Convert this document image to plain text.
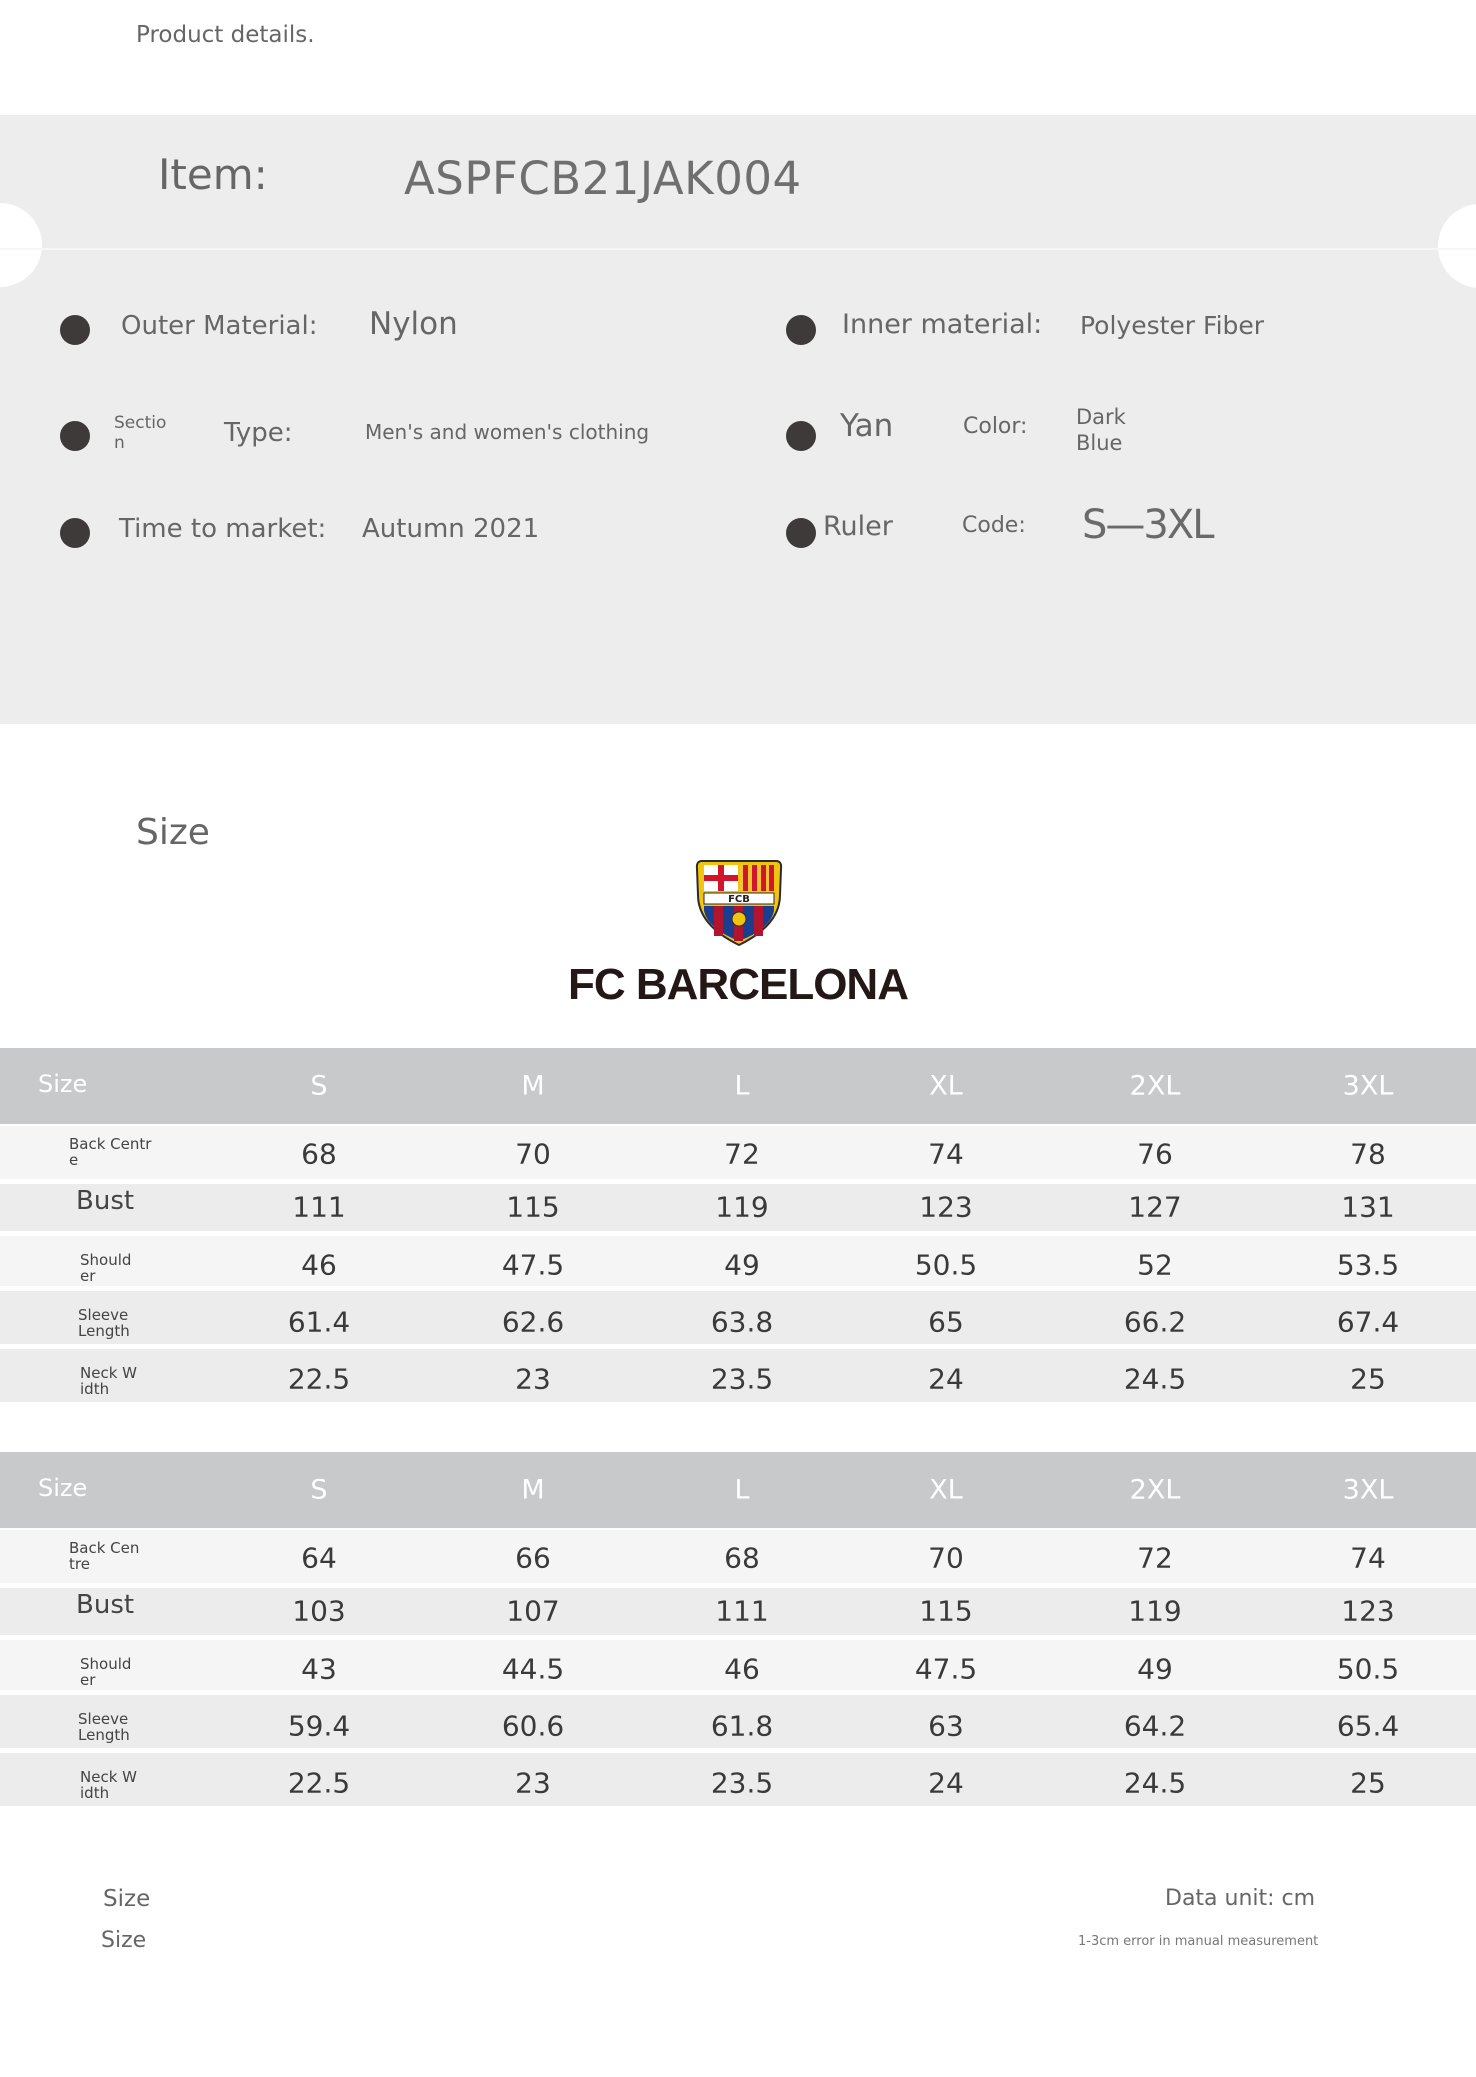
Product details.
Item:	ASPFCB21JAK004
Outer Material: Nylon	Inner material: Polyester Fiber
Sectio
n	Type:	Men's and women's clothing	Yan	Color: Dark
Blue
Time to market: Autumn 2021	Ruler	Code: S—3XL
Size
FCB
FC BARCELONA
Size	S	M	L	XL	2XL	3XL
Back Centr
e	68	70	72	74	76	78
Bust	111	115	119	123	127	131
Should
er	46	47.5	49	50.5	52	53.5
Sleeve
Length	61.4	62.6	63.8	65	66.2	67.4
Neck W
idth	22.5	23	23.5	24	24.5	25
Size	S	M	L	XL	2XL	3XL
Back Cen
tre	64	66	68	70	72	74
Bust	103	107	111	115	119	123
Should
er	43	44.5	46	47.5	49	50.5
Sleeve
Length	59.4	60.6	61.8	63	64.2	65.4
Neck W
idth	22.5	23	23.5	24	24.5	25
Size
Size
Data unit: cm
1-3cm error in manual measurement
